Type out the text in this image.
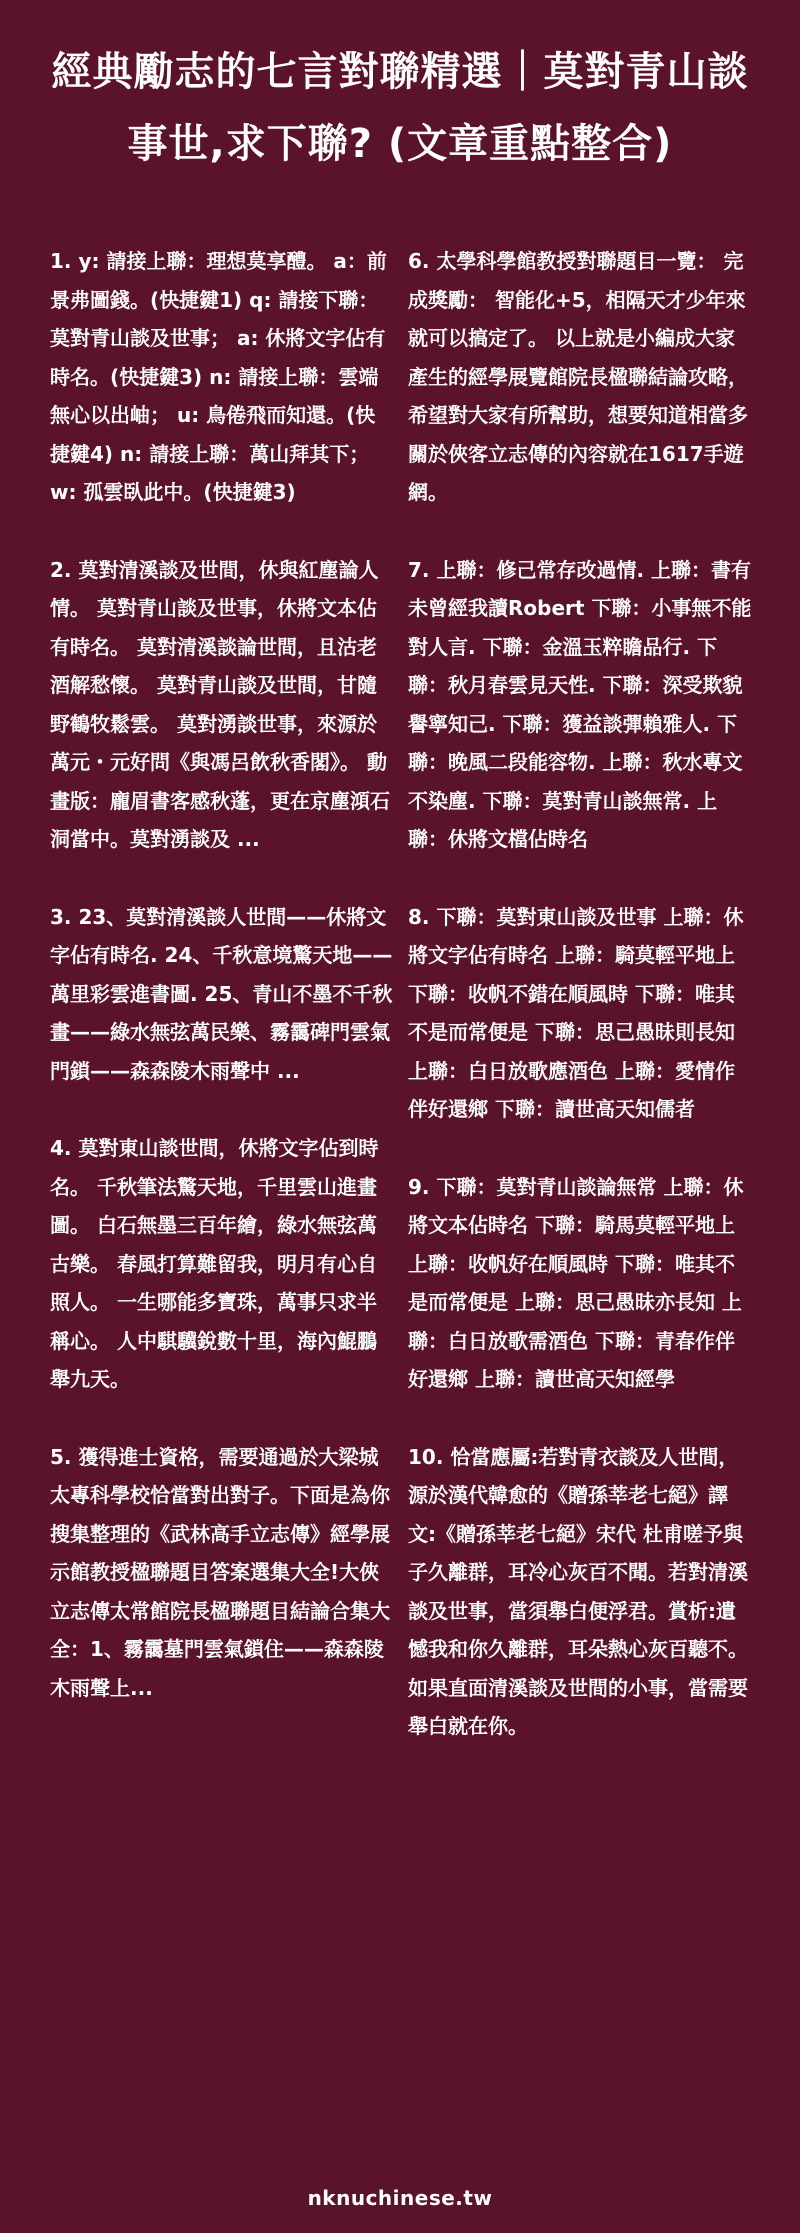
經典勵志的七言對聯精選｜莫對青山談事世,求下聯? (文章重點整合)

1. y: 請接上聯：理想莫享醴。 a：前景弗圖錢。(快捷鍵1) q: 請接下聯：莫對青山談及世事； a: 休將文字佔有時名。(快捷鍵3) n: 請接上聯：雲端無心以出岫； u: 鳥倦飛而知還。(快捷鍵4) n: 請接上聯：萬山拜其下； w: 孤雲臥此中。(快捷鍵3)

2. 莫對清溪談及世間，休與紅塵論人情。 莫對青山談及世事，休將文本佔有時名。 莫對清溪談論世間，且沽老酒解愁懷。 莫對青山談及世間，甘隨野鶴牧鬆雲。 莫對湧談世事，來源於萬元・元好問《與馮呂飲秋香閣》。 動畫版：龐眉書客感秋蓬，更在京塵澒石洞當中。莫對湧談及 ...

3. 23、莫對清溪談人世間——休將文字佔有時名. 24、千秋意境驚天地——萬里彩雲進書圖. 25、青山不墨不千秋畫——綠水無弦萬民樂、霧靄碑門雲氣門鎖——森森陵木雨聲中 ...

4. 莫對東山談世間，休將文字佔到時名。 千秋筆法驚天地，千里雲山進畫圖。 白石無墨三百年繪，綠水無弦萬古樂。 春風打算難留我，明月有心自照人。 一生哪能多寶珠，萬事只求半稱心。 人中騏驥銳數十里，海內鯤鵬舉九天。

5. 獲得進士資格，需要通過於大梁城太專科學校恰當對出對子。下面是為你搜集整理的《武林高手立志傳》經學展示館教授楹聯題目答案選集大全!大俠立志傳太常館院長楹聯題目結論合集大全：1、霧靄墓門雲氣鎖住——森森陵木雨聲上...

6. 太學科學館教授對聯題目一覽： 完成獎勵： 智能化+5，相隔天才少年來就可以搞定了。 以上就是小編成大家產生的經學展覽館院長楹聯結論攻略，希望對大家有所幫助，想要知道相當多關於俠客立志傳的內容就在1617手遊網。

7. 上聯：修己常存改過情. 上聯：書有未曾經我讀Robert 下聯：小事無不能對人言. 下聯：金溫玉粹瞻品行. 下聯：秋月春雲見天性. 下聯：深受欺貌譽寧知己. 下聯：獲益談彈賴雅人. 下聯：晚風二段能容物. 上聯：秋水專文不染塵. 下聯：莫對青山談無常. 上聯：休將文檔佔時名

8. 下聯：莫對東山談及世事 上聯：休將文字佔有時名 上聯：騎莫輕平地上 下聯：收帆不錯在順風時 下聯：唯其不是而常便是 下聯：思己愚昧則長知 上聯：白日放歌應酒色 上聯：愛情作伴好還鄉 下聯：讀世高天知儒者

9. 下聯：莫對青山談論無常 上聯：休將文本佔時名 下聯：騎馬莫輕平地上 上聯：收帆好在順風時 下聯：唯其不是而常便是 上聯：思己愚昧亦長知 上聯：白日放歌需酒色 下聯：青春作伴好還鄉 上聯：讀世高天知經學

10. 恰當應屬:若對青衣談及人世間，源於漢代韓愈的《贈孫莘老七絕》譯文:《贈孫莘老七絕》宋代 杜甫嗟予與子久離群，耳冷心灰百不聞。若對清溪談及世事，當須舉白便浮君。賞析:遺憾我和你久離群，耳朵熱心灰百聽不。如果直面清溪談及世間的小事，當需要舉白就在你。

nknuchinese.tw
